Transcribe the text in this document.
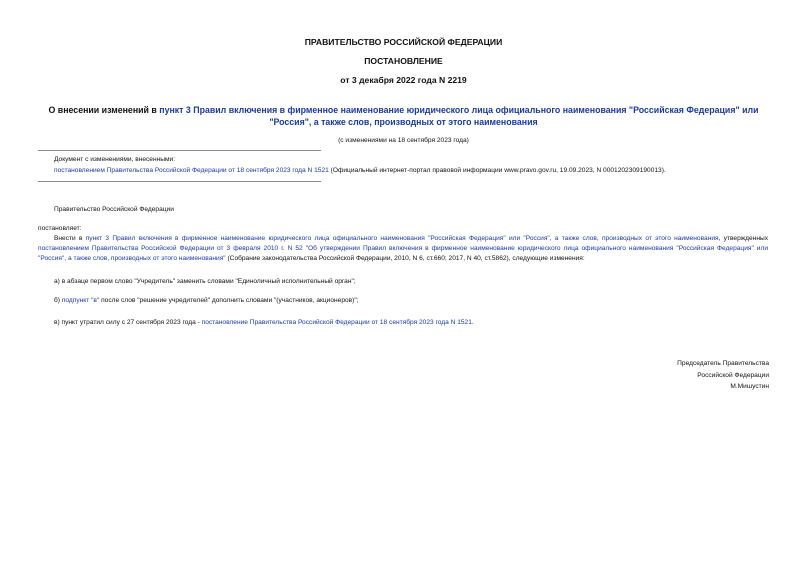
ПРАВИТЕЛЬСТВО РОССИЙСКОЙ ФЕДЕРАЦИИ
ПОСТАНОВЛЕНИЕ
от 3 декабря 2022 года N 2219
О внесении изменений в пункт 3 Правил включения в фирменное наименование юридического лица официального наименования "Российская Федерация" или
"Россия", а также слов, производных от этого наименования
(с изменениями на 18 сентября 2023 года)
Документ с изменениями, внесенными:
постановлением Правительства Российской Федерации от 18 сентября 2023 года N 1521 (Официальный интернет-портал правовой информации www.pravo.gov.ru, 19.09.2023, N 0001202309190013).
Правительство Российской Федерации
постановляет:
Внести в пункт 3 Правил включения в фирменное наименование юридического лица официального наименования "Российская Федерация" или "Россия", а также слов, производных от этого наименования, утвержденных постановлением Правительства Российской Федерации от 3 февраля 2010 г. N 52 "Об утверждении Правил включения в фирменное наименование юридического лица официального наименования "Российская Федерация" или "Россия", а также слов, производных от этого наименования" (Собрание законодательства Российской Федерации, 2010, N 6, ст.660; 2017, N 40, ст.5862), следующие изменения:
а) в абзаце первом слово "Учредитель" заменить словами "Единоличный исполнительный орган";
б) подпункт "в" после слов "решение учредителей" дополнить словами "(участников, акционеров)";
в) пункт утратил силу с 27 сентября 2023 года - постановление Правительства Российской Федерации от 18 сентября 2023 года N 1521.
Председатель Правительства
Российской Федерации
М.Мишустин
